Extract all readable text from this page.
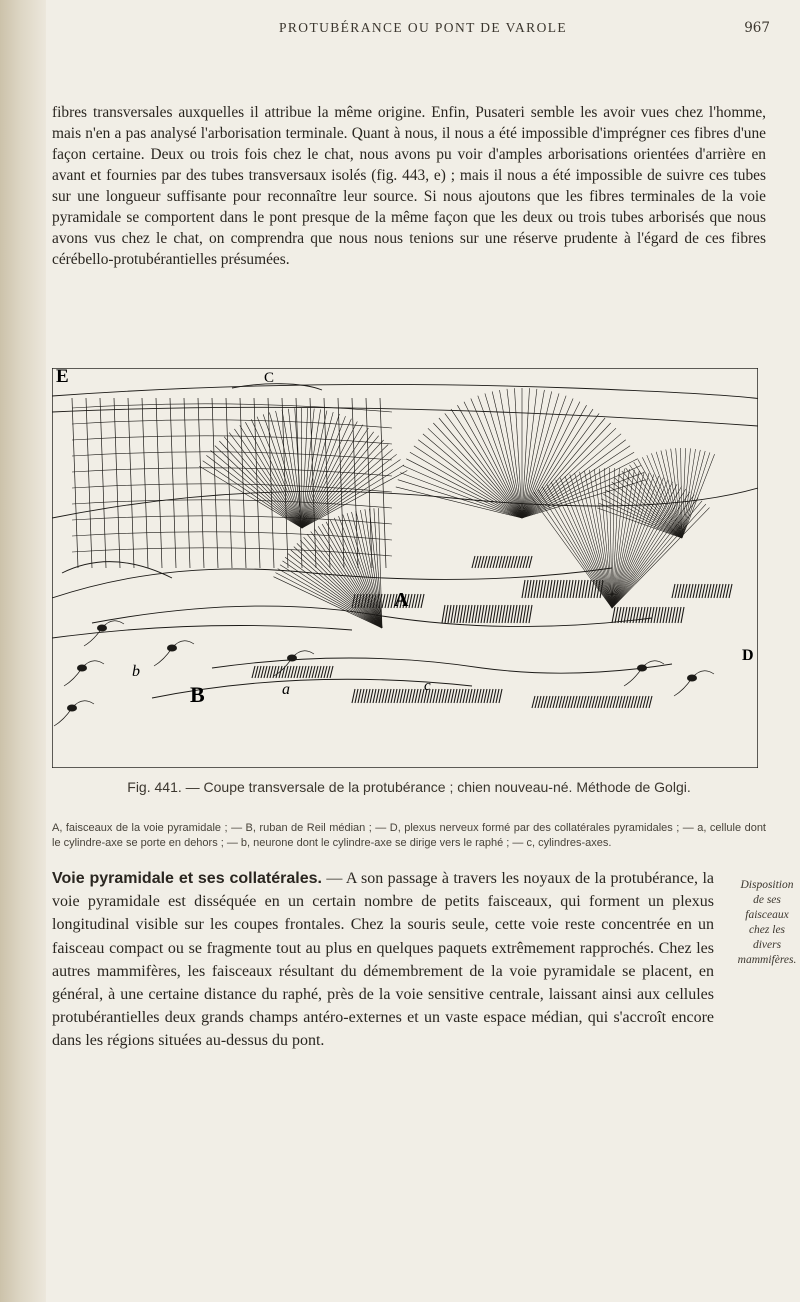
PROTUBÉRANCE OU PONT DE VAROLE	967

fibres transversales auxquelles il attribue la même origine. Enfin, Pusateri semble les avoir vues chez l'homme, mais n'en a pas analysé l'arborisation terminale. Quant à nous, il nous a été impossible d'imprégner ces fibres d'une façon certaine. Deux ou trois fois chez le chat, nous avons pu voir d'amples arborisations orientées d'arrière en avant et fournies par des tubes transversaux isolés (fig. 443, e) ; mais il nous a été impossible de suivre ces tubes sur une longueur suffisante pour reconnaître leur source. Si nous ajoutons que les fibres terminales de la voie pyramidale se comportent dans le pont presque de la même façon que les deux ou trois tubes arborisés que nous avons vus chez le chat, on comprendra que nous nous tenions sur une réserve prudente à l'égard de ces fibres cérébello-protubérantielles présumées.

E	C
A
B
b
a	c
D
Fig. 441. — Coupe transversale de la protubérance ; chien nouveau-né. Méthode de Golgi.
A, faisceaux de la voie pyramidale ; — B, ruban de Reil médian ; — D, plexus nerveux formé par des collatérales pyramidales ; — a, cellule dont le cylindre-axe se porte en dehors ; — b, neurone dont le cylindre-axe se dirige vers le raphé ; — c, cylindres-axes.

Voie pyramidale et ses collatérales. — A son passage à travers les noyaux de la protubérance, la voie pyramidale est disséquée en un certain nombre de petits faisceaux, qui forment un plexus longitudinal visible sur les coupes frontales. Chez la souris seule, cette voie reste concentrée en un faisceau compact ou se fragmente tout au plus en quelques paquets extrêmement rapprochés. Chez les autres mammifères, les faisceaux résultant du démembrement de la voie pyramidale se placent, en général, à une certaine distance du raphé, près de la voie sensitive centrale, laissant ainsi aux cellules protubérantielles deux grands champs antéro-externes et un vaste espace médian, qui s'accroît encore dans les régions situées au-dessus du pont.

Disposition de ses faisceaux chez les divers mammifères.
